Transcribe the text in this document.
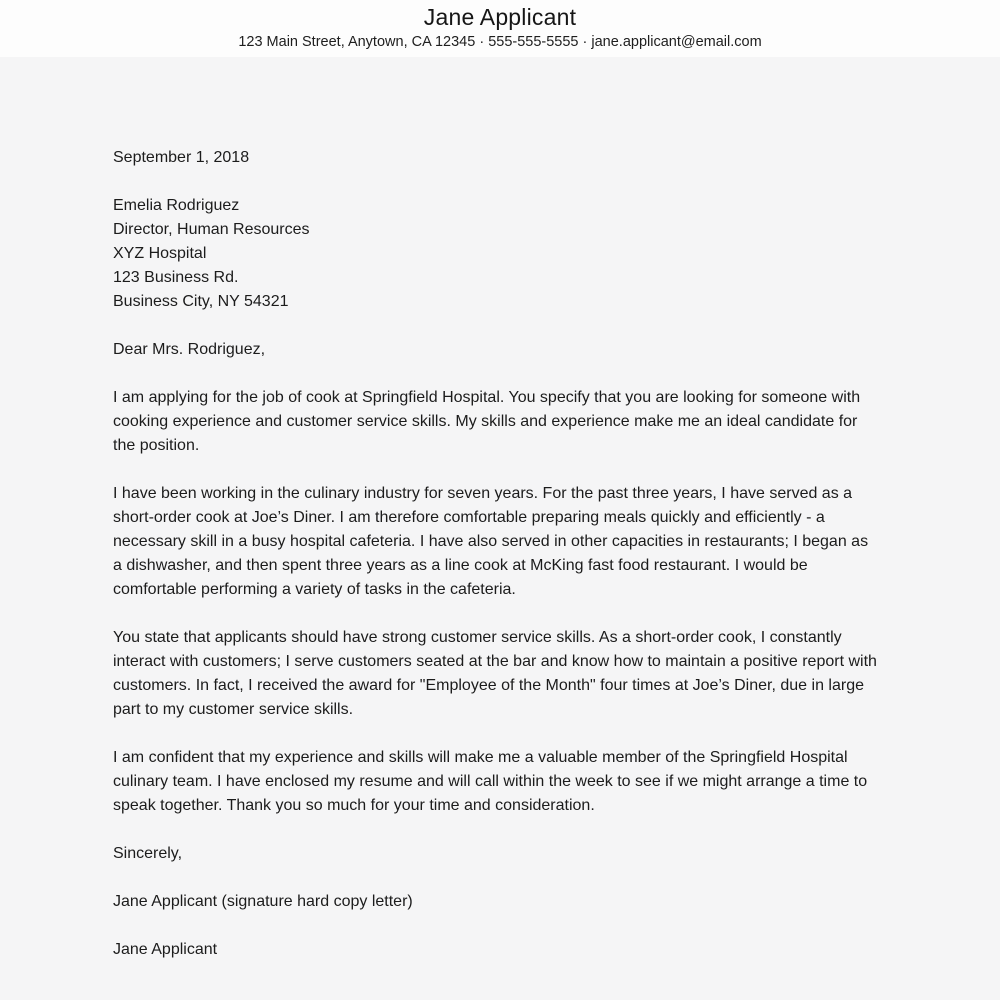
Jane Applicant
123 Main Street, Anytown, CA 12345 · 555-555-5555 · jane.applicant@email.com
September 1, 2018
Emelia Rodriguez
Director, Human Resources
XYZ Hospital
123 Business Rd.
Business City, NY 54321
Dear Mrs. Rodriguez,

I am applying for the job of cook at Springfield Hospital. You specify that you are looking for someone with cooking experience and customer service skills. My skills and experience make me an ideal candidate for the position.

I have been working in the culinary industry for seven years. For the past three years, I have served as a short-order cook at Joe’s Diner. I am therefore comfortable preparing meals quickly and efficiently - a necessary skill in a busy hospital cafeteria. I have also served in other capacities in restaurants; I began as a dishwasher, and then spent three years as a line cook at McKing fast food restaurant. I would be comfortable performing a variety of tasks in the cafeteria.

You state that applicants should have strong customer service skills. As a short-order cook, I constantly interact with customers; I serve customers seated at the bar and know how to maintain a positive report with customers. In fact, I received the award for "Employee of the Month" four times at Joe’s Diner, due in large part to my customer service skills.

I am confident that my experience and skills will make me a valuable member of the Springfield Hospital culinary team. I have enclosed my resume and will call within the week to see if we might arrange a time to speak together. Thank you so much for your time and consideration.

Sincerely,
Jane Applicant (signature hard copy letter)
Jane Applicant
